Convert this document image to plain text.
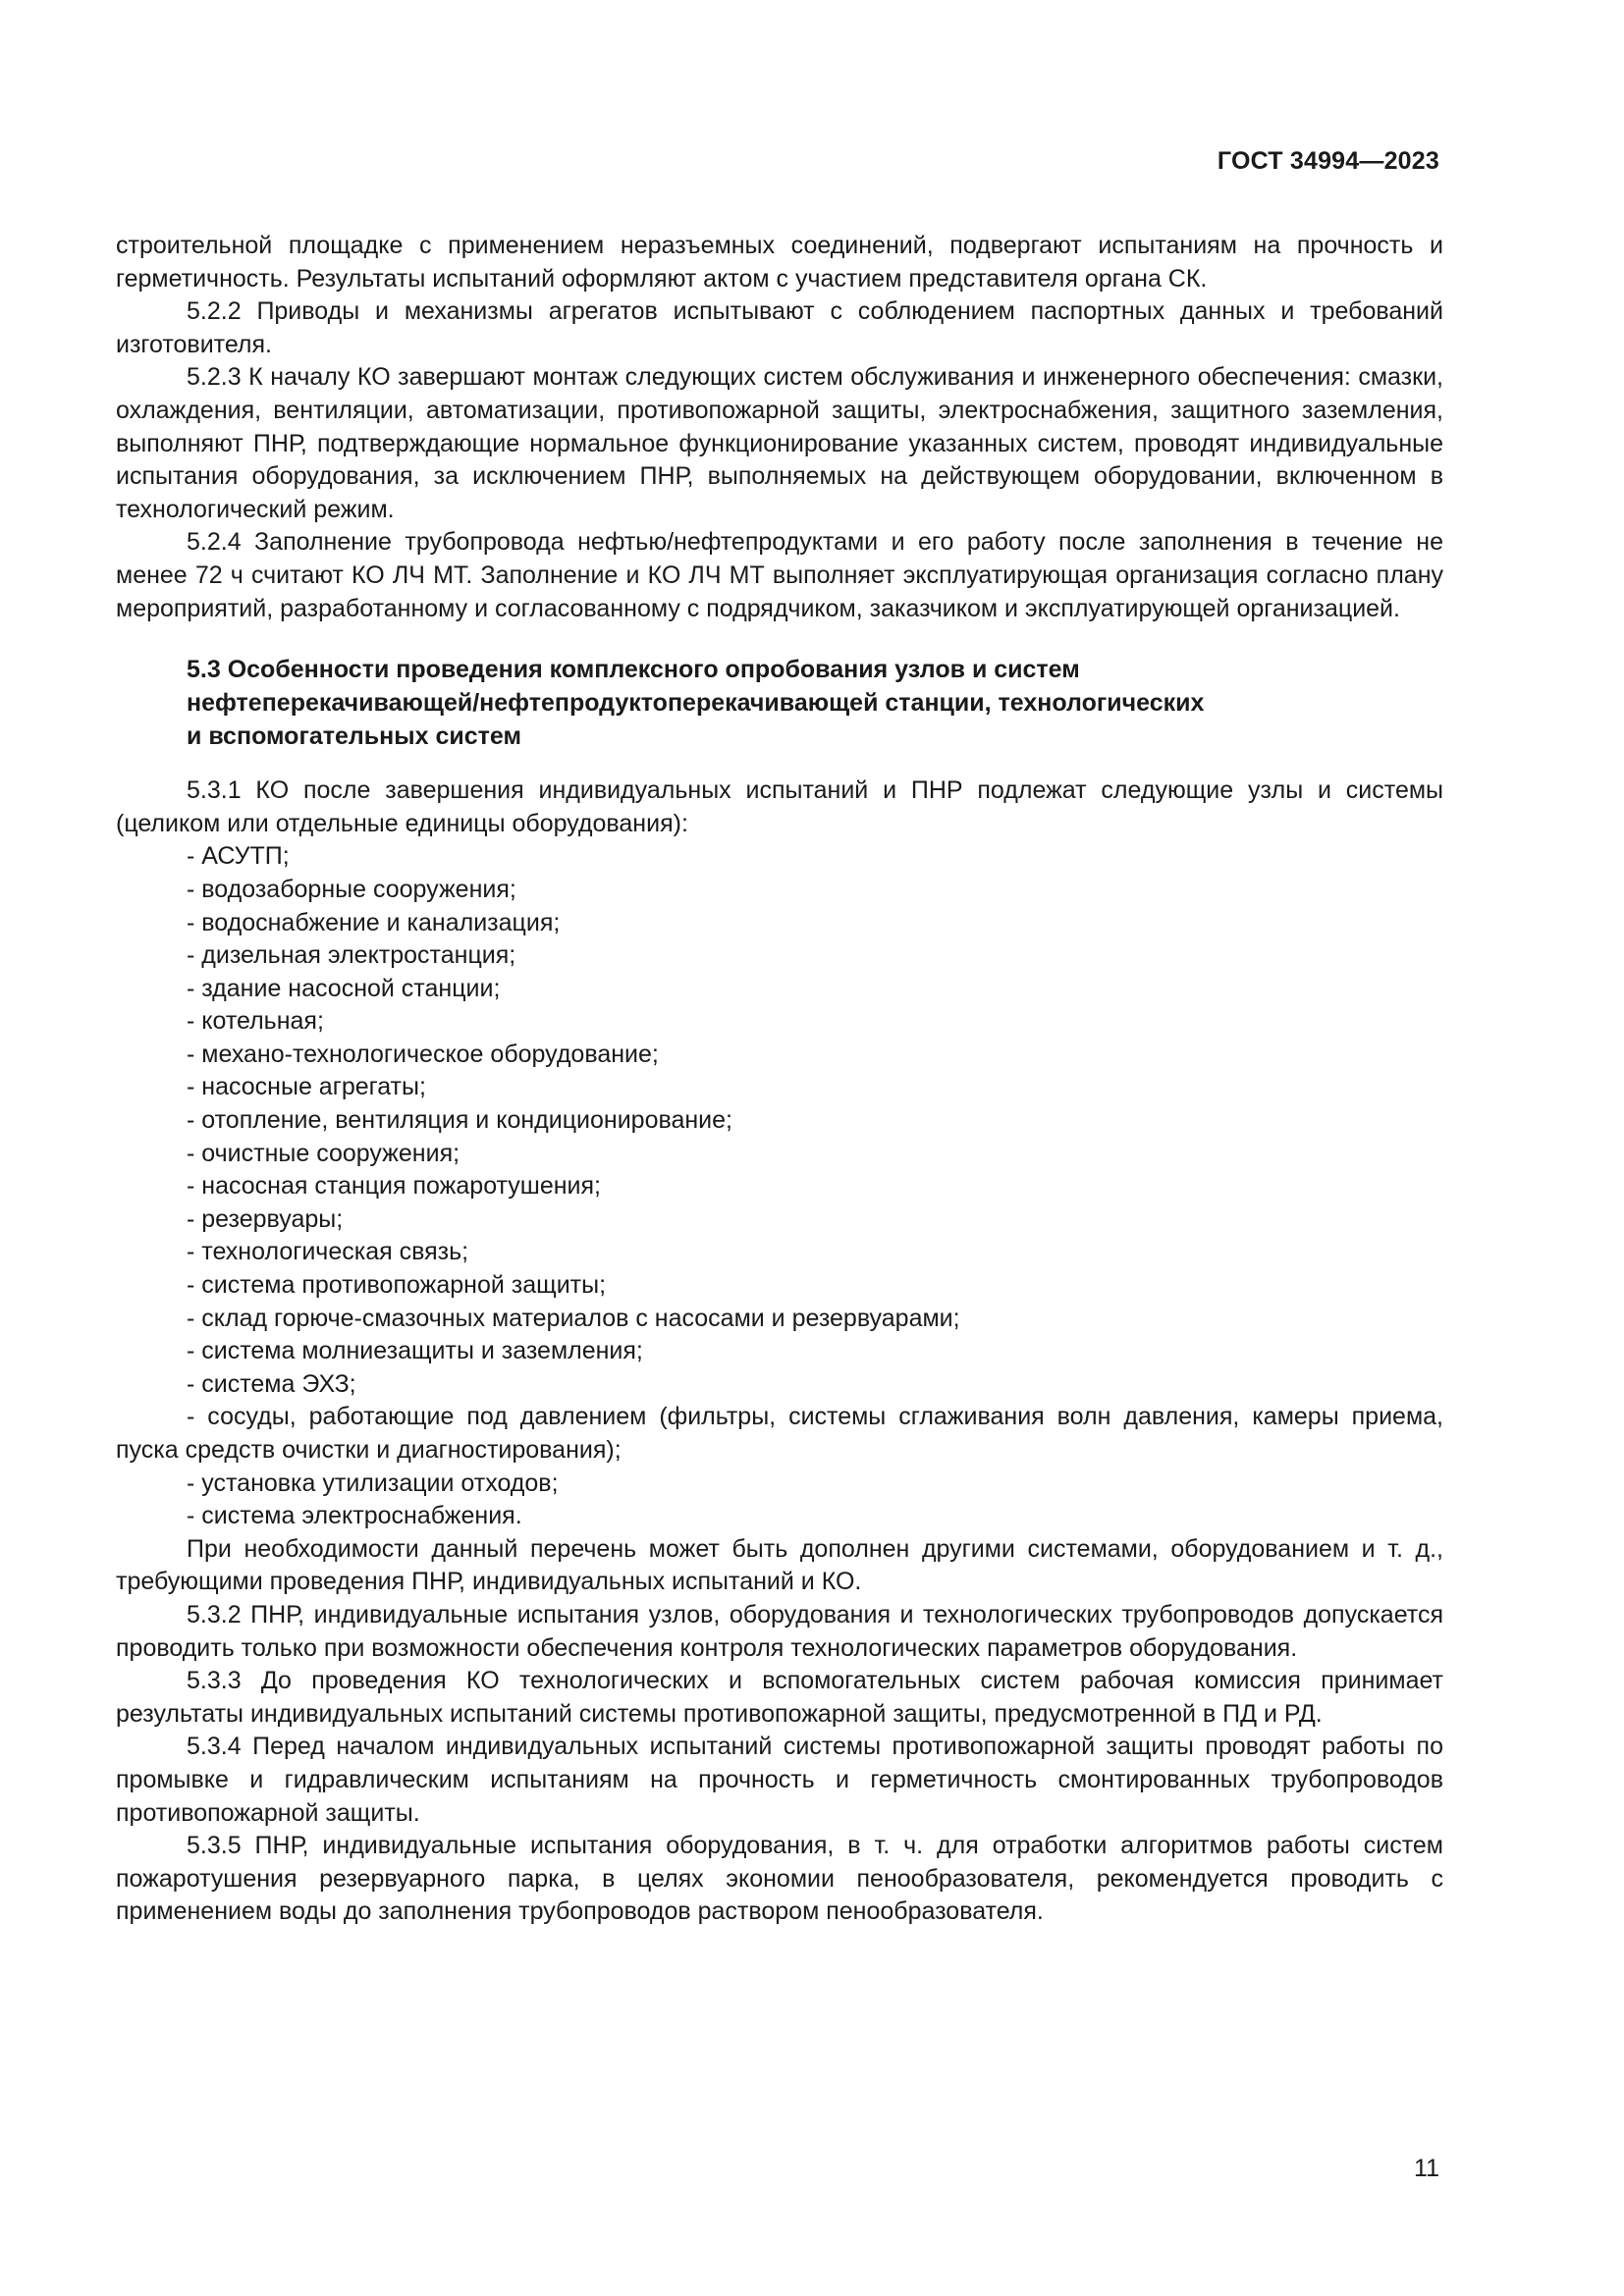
ГОСТ 34994—2023

строительной площадке с применением неразъемных соединений, подвергают испытаниям на прочность и герметичность. Результаты испытаний оформляют актом с участием представителя органа СК.

5.2.2 Приводы и механизмы агрегатов испытывают с соблюдением паспортных данных и требований изготовителя.

5.2.3 К началу КО завершают монтаж следующих систем обслуживания и инженерного обеспечения: смазки, охлаждения, вентиляции, автоматизации, противопожарной защиты, электроснабжения, защитного заземления, выполняют ПНР, подтверждающие нормальное функционирование указанных систем, проводят индивидуальные испытания оборудования, за исключением ПНР, выполняемых на действующем оборудовании, включенном в технологический режим.

5.2.4 Заполнение трубопровода нефтью/нефтепродуктами и его работу после заполнения в течение не менее 72 ч считают КО ЛЧ МТ. Заполнение и КО ЛЧ МТ выполняет эксплуатирующая организация согласно плану мероприятий, разработанному и согласованному с подрядчиком, заказчиком и эксплуатирующей организацией.

5.3 Особенности проведения комплексного опробования узлов и систем
нефтеперекачивающей/нефтепродуктоперекачивающей станции, технологических
и вспомогательных систем

5.3.1 КО после завершения индивидуальных испытаний и ПНР подлежат следующие узлы и системы (целиком или отдельные единицы оборудования):

- АСУТП;
- водозаборные сооружения;
- водоснабжение и канализация;
- дизельная электростанция;
- здание насосной станции;
- котельная;
- механо-технологическое оборудование;
- насосные агрегаты;
- отопление, вентиляция и кондиционирование;
- очистные сооружения;
- насосная станция пожаротушения;
- резервуары;
- технологическая связь;
- система противопожарной защиты;
- склад горюче-смазочных материалов с насосами и резервуарами;
- система молниезащиты и заземления;
- система ЭХЗ;
- сосуды, работающие под давлением (фильтры, системы сглаживания волн давления, камеры приема, пуска средств очистки и диагностирования);
- установка утилизации отходов;
- система электроснабжения.

При необходимости данный перечень может быть дополнен другими системами, оборудованием и т. д., требующими проведения ПНР, индивидуальных испытаний и КО.

5.3.2 ПНР, индивидуальные испытания узлов, оборудования и технологических трубопроводов допускается проводить только при возможности обеспечения контроля технологических параметров оборудования.

5.3.3 До проведения КО технологических и вспомогательных систем рабочая комиссия принимает результаты индивидуальных испытаний системы противопожарной защиты, предусмотренной в ПД и РД.

5.3.4 Перед началом индивидуальных испытаний системы противопожарной защиты проводят работы по промывке и гидравлическим испытаниям на прочность и герметичность смонтированных трубопроводов противопожарной защиты.

5.3.5 ПНР, индивидуальные испытания оборудования, в т. ч. для отработки алгоритмов работы систем пожаротушения резервуарного парка, в целях экономии пенообразователя, рекомендуется проводить с применением воды до заполнения трубопроводов раствором пенообразователя.

11
